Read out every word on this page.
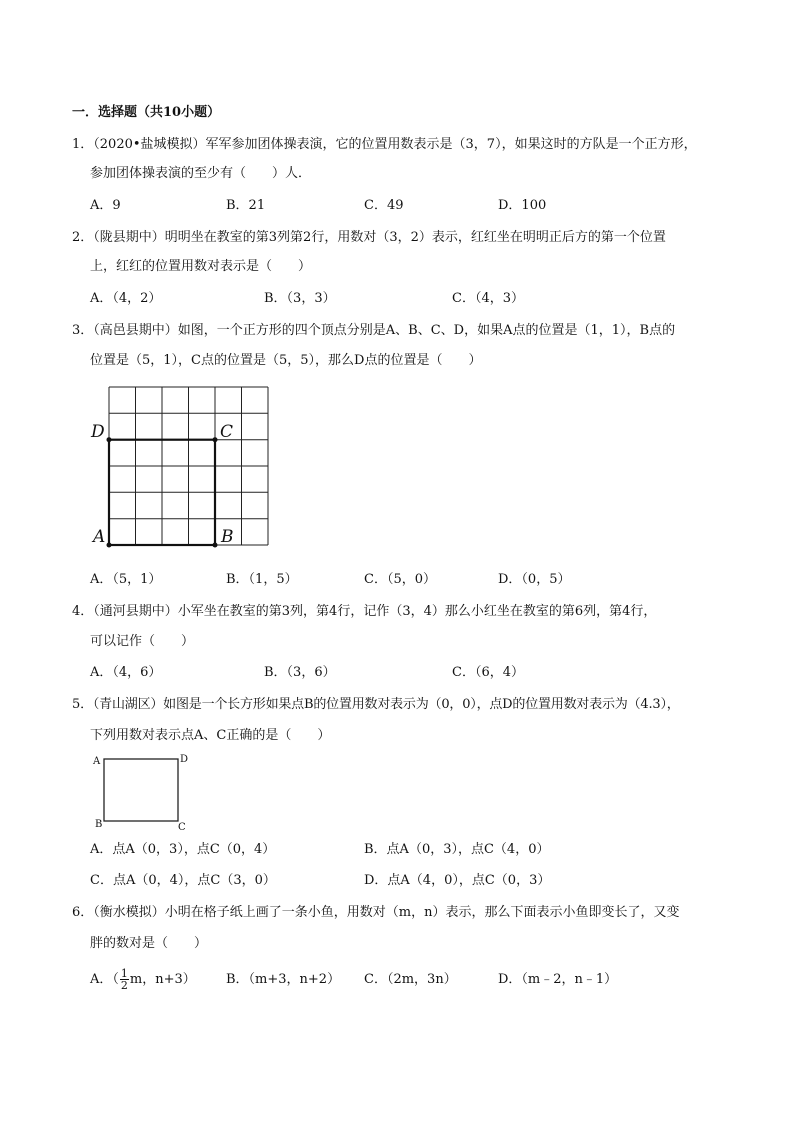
一．选择题（共10小题）
1．（2020•盐城模拟）军军参加团体操表演，它的位置用数表示是（3，7），如果这时的方队是一个正方形，
参加团体操表演的至少有（　　）人．
A．9	B．21	C．49	D．100
2．（陇县期中）明明坐在教室的第3列第2行，用数对（3，2）表示，红红坐在明明正后方的第一个位置
上，红红的位置用数对表示是（　　）
A．（4，2）	B．（3，3）	C．（4，3）
3．（高邑县期中）如图，一个正方形的四个顶点分别是A、B、C、D，如果A点的位置是（1，1），B点的
位置是（5，1），C点的位置是（5，5），那么D点的位置是（　　）
D	C
A	B
A．（5，1）	B．（1，5）	C．（5，0）	D．（0，5）
4．（通河县期中）小军坐在教室的第3列，第4行，记作（3，4）那么小红坐在教室的第6列，第4行，
可以记作（　　）
A．（4，6）	B．（3，6）	C．（6，4）
5．（青山湖区）如图是一个长方形如果点B的位置用数对表示为（0，0），点D的位置用数对表示为（4.3），
下列用数对表示点A、C正确的是（　　）
A	D
B	C
A．点A（0，3），点C（0，4）	B．点A（0，3），点C（4，0）
C．点A（0，4），点C（3，0）	D．点A（4，0），点C（0，3）
6．（衡水模拟）小明在格子纸上画了一条小鱼，用数对（m，n）表示，那么下面表示小鱼即变长了，又变
胖的数对是（　　）
A．（ $\frac{1}{2}$ m，n+3） B．（m+3，n+2） C．（2m，3n）	D．（m﹣2，n﹣1）
